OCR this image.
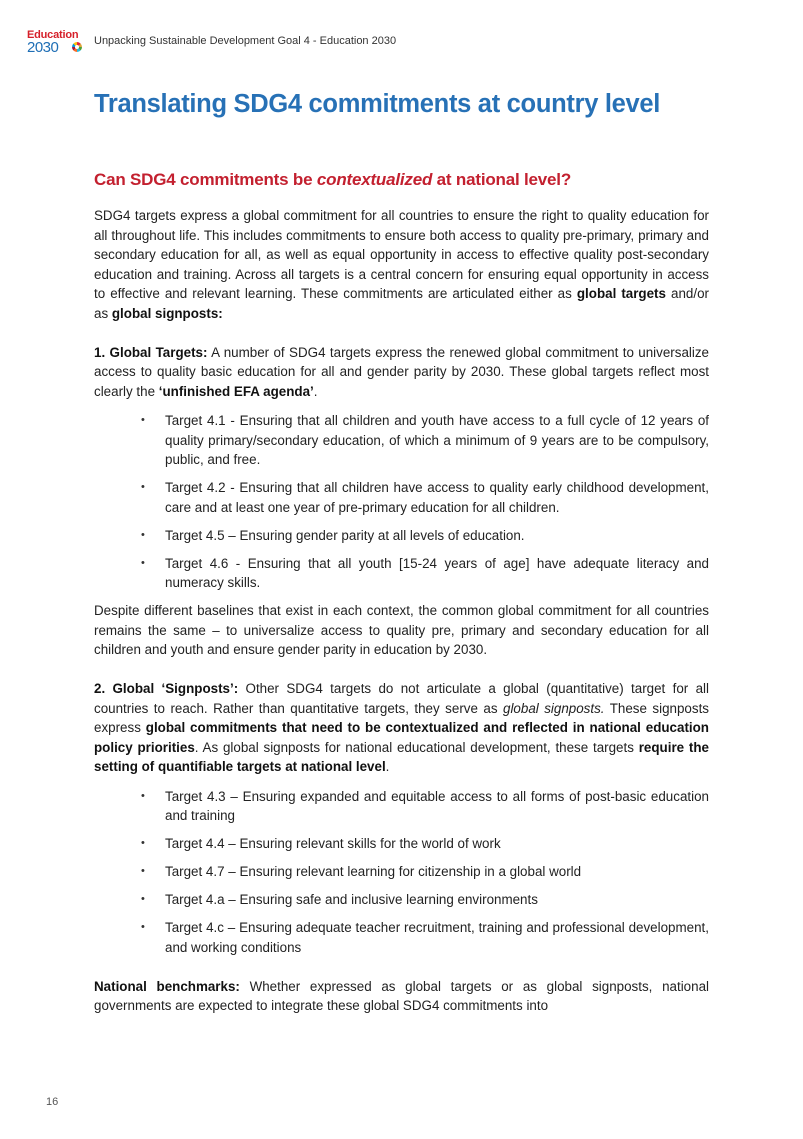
Education
2030	Unpacking Sustainable Development Goal 4 - Education 2030
Translating SDG4 commitments at country level
Can SDG4 commitments be contextualized at national level?

SDG4 targets express a global commitment for all countries to ensure the right to quality education for all throughout life. This includes commitments to ensure both access to quality pre-primary, primary and secondary education for all, as well as equal opportunity in access to effective quality post-secondary education and training. Across all targets is a central concern for ensuring equal opportunity in access to effective and relevant learning. These commitments are articulated either as global targets and/or as global signposts:

1. Global Targets: A number of SDG4 targets express the renewed global commitment to universalize access to quality basic education for all and gender parity by 2030. These global targets reflect most clearly the ‘unfinished EFA agenda’.

• Target 4.1 - Ensuring that all children and youth have access to a full cycle of 12 years of quality primary/secondary education, of which a minimum of 9 years are to be compulsory, public, and free.
• Target 4.2 - Ensuring that all children have access to quality early childhood development, care and at least one year of pre-primary education for all children.
• Target 4.5 – Ensuring gender parity at all levels of education.
• Target 4.6 - Ensuring that all youth [15-24 years of age] have adequate literacy and numeracy skills.

Despite different baselines that exist in each context, the common global commitment for all countries remains the same – to universalize access to quality pre, primary and secondary education for all children and youth and ensure gender parity in education by 2030.

2. Global ‘Signposts’: Other SDG4 targets do not articulate a global (quantitative) target for all countries to reach. Rather than quantitative targets, they serve as global signposts. These signposts express global commitments that need to be contextualized and reflected in national education policy priorities. As global signposts for national educational development, these targets require the setting of quantifiable targets at national level.

• Target 4.3 – Ensuring expanded and equitable access to all forms of post-basic education and training
• Target 4.4 – Ensuring relevant skills for the world of work
• Target 4.7 – Ensuring relevant learning for citizenship in a global world
• Target 4.a – Ensuring safe and inclusive learning environments
• Target 4.c – Ensuring adequate teacher recruitment, training and professional development, and working conditions

National benchmarks: Whether expressed as global targets or as global signposts, national governments are expected to integrate these global SDG4 commitments into

16
